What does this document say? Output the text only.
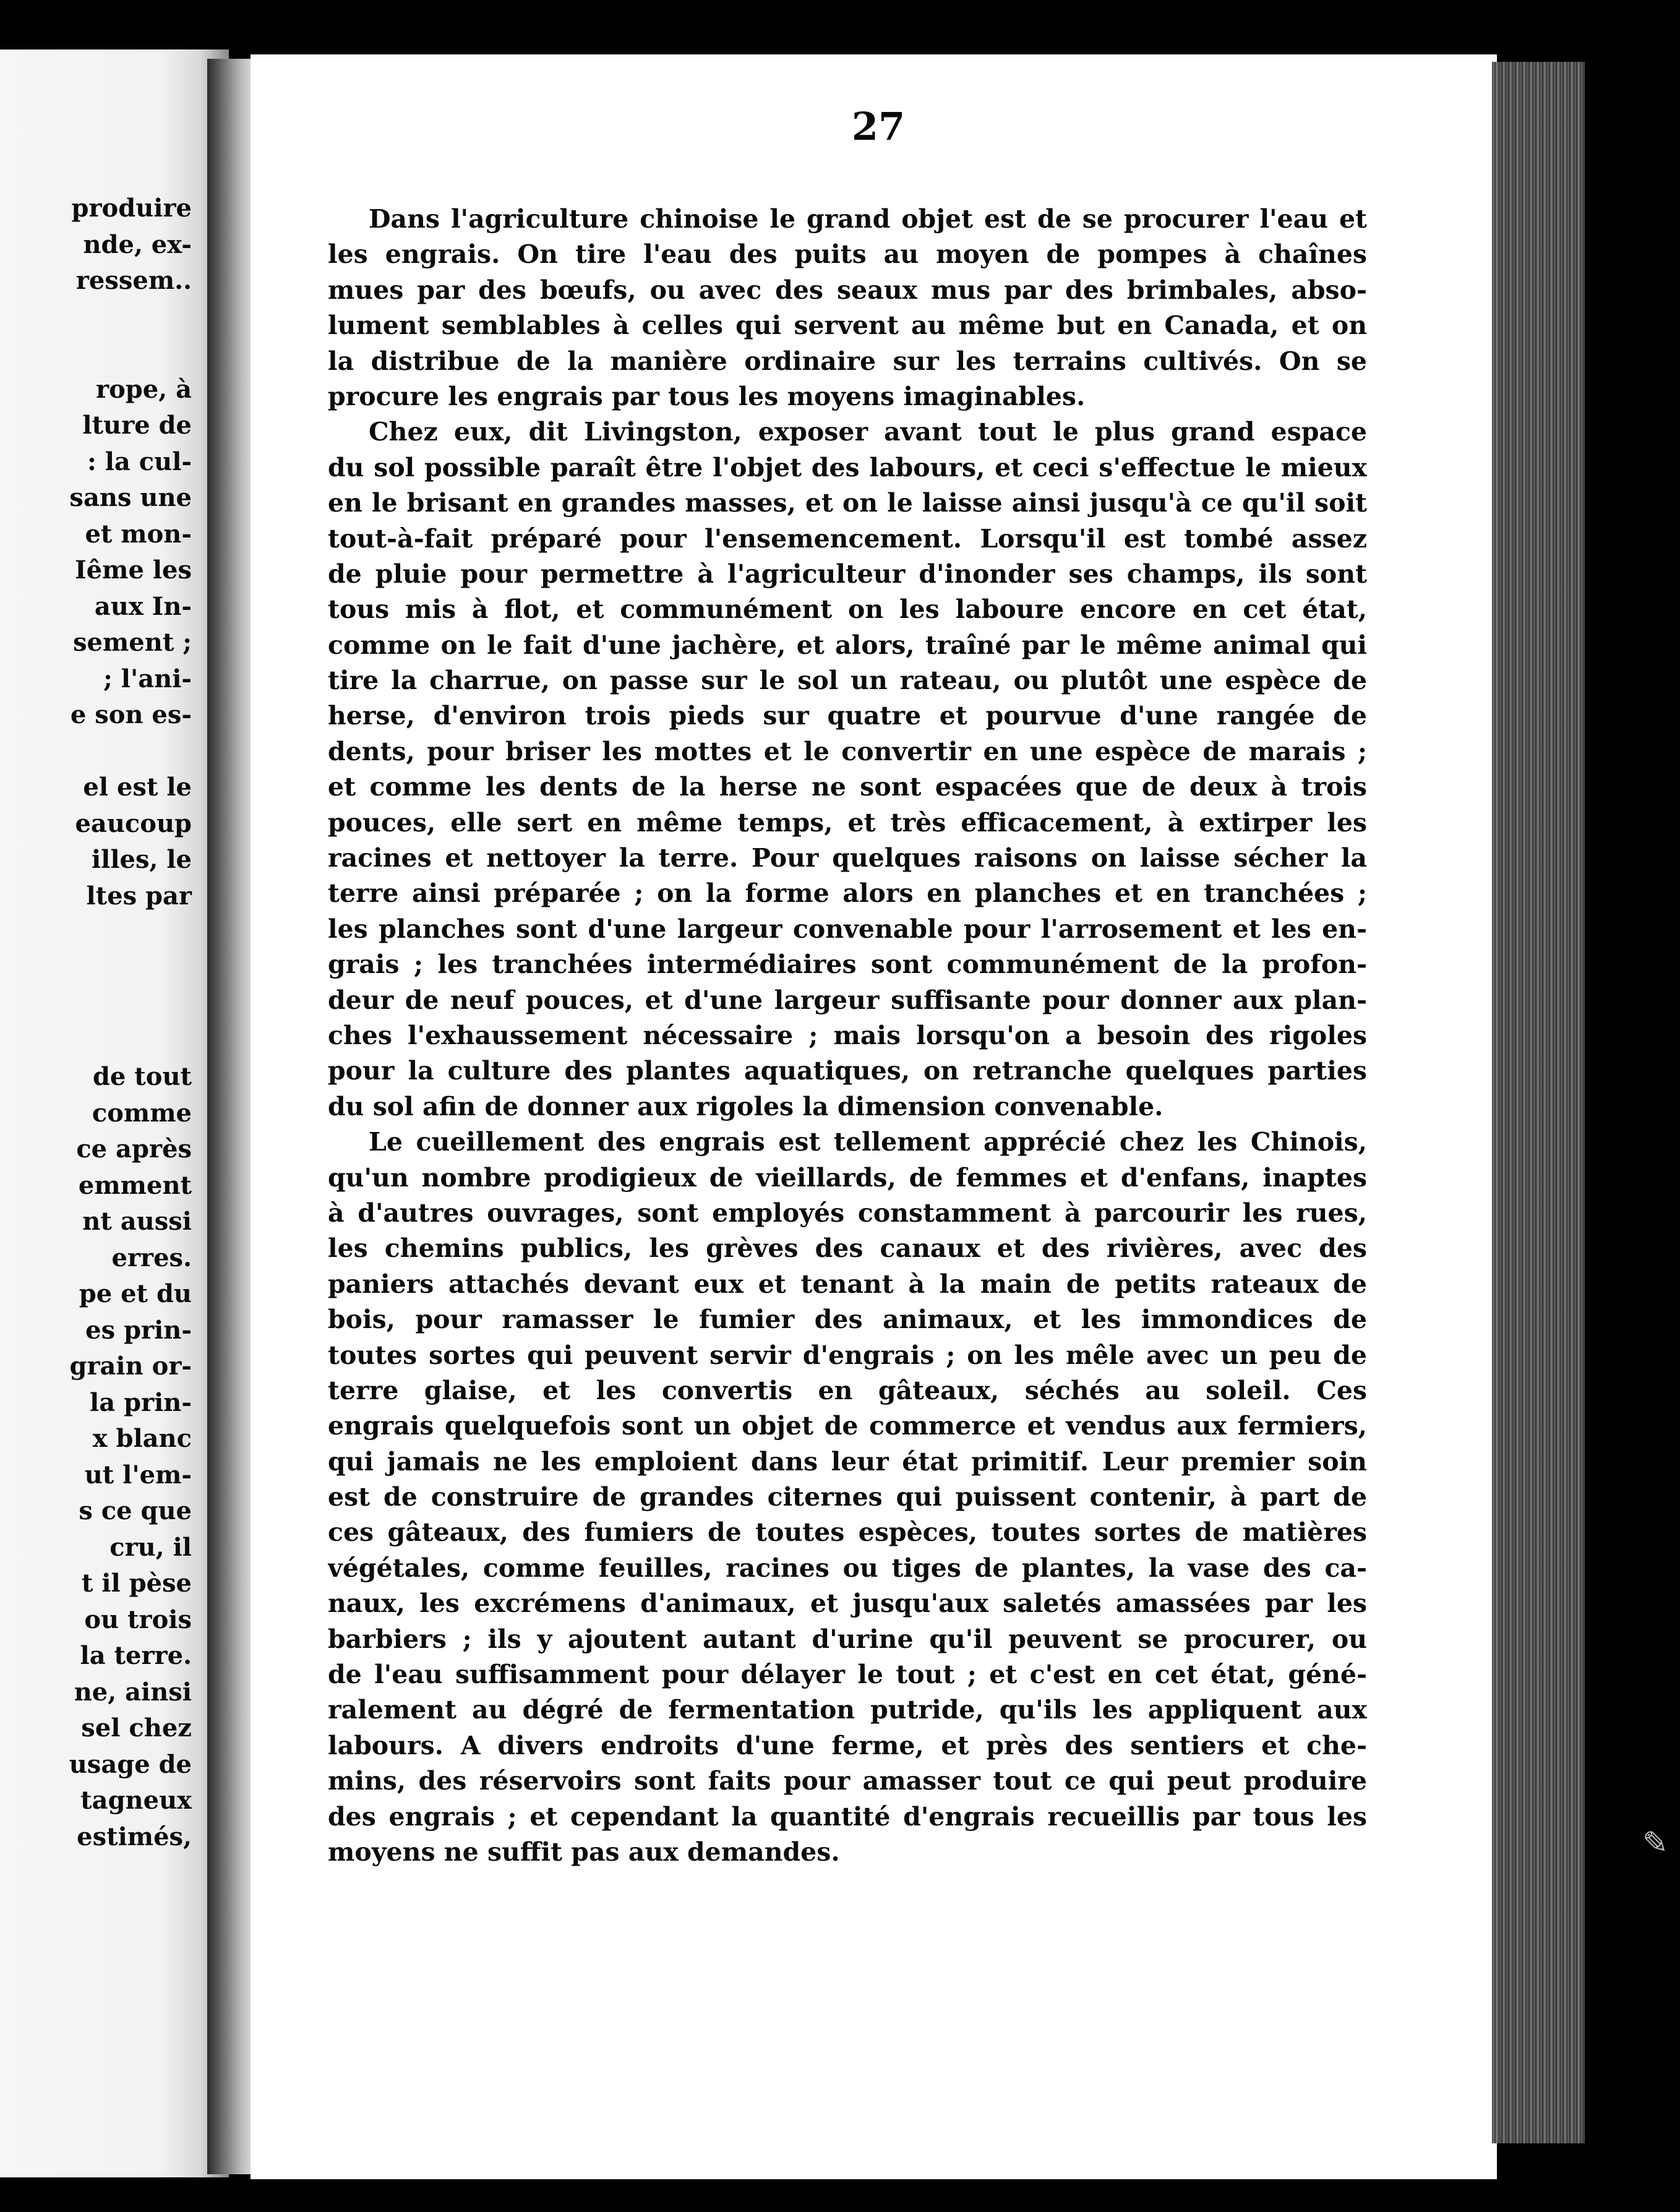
produire
nde, ex-
ressem..
rope, à
lture de
: la cul-
sans une
et mon-
Iême les
aux In-
sement ;
; l'ani-
e son es-
el est le
eaucoup
illes, le
ltes par
de tout
comme
ce après
emment
nt aussi
erres.
pe et du
es prin-
grain or-
la prin-
x blanc
ut l'em-
s ce que
cru, il
t il pèse
ou trois
la terre.
ne, ainsi
sel chez
usage de
tagneux
estimés,
27
Dans l'agriculture chinoise le grand objet est de se procurer l'eau et
les engrais. On tire l'eau des puits au moyen de pompes à chaînes
mues par des bœufs, ou avec des seaux mus par des brimbales, abso-
lument semblables à celles qui servent au même but en Canada, et on
la distribue de la manière ordinaire sur les terrains cultivés. On se
procure les engrais par tous les moyens imaginables.
Chez eux, dit Livingston, exposer avant tout le plus grand espace
du sol possible paraît être l'objet des labours, et ceci s'effectue le mieux
en le brisant en grandes masses, et on le laisse ainsi jusqu'à ce qu'il soit
tout-à-fait préparé pour l'ensemencement. Lorsqu'il est tombé assez
de pluie pour permettre à l'agriculteur d'inonder ses champs, ils sont
tous mis à flot, et communément on les laboure encore en cet état,
comme on le fait d'une jachère, et alors, traîné par le même animal qui
tire la charrue, on passe sur le sol un rateau, ou plutôt une espèce de
herse, d'environ trois pieds sur quatre et pourvue d'une rangée de
dents, pour briser les mottes et le convertir en une espèce de marais ;
et comme les dents de la herse ne sont espacées que de deux à trois
pouces, elle sert en même temps, et très efficacement, à extirper les
racines et nettoyer la terre. Pour quelques raisons on laisse sécher la
terre ainsi préparée ; on la forme alors en planches et en tranchées ;
les planches sont d'une largeur convenable pour l'arrosement et les en-
grais ; les tranchées intermédiaires sont communément de la profon-
deur de neuf pouces, et d'une largeur suffisante pour donner aux plan-
ches l'exhaussement nécessaire ; mais lorsqu'on a besoin des rigoles
pour la culture des plantes aquatiques, on retranche quelques parties
du sol afin de donner aux rigoles la dimension convenable.
Le cueillement des engrais est tellement apprécié chez les Chinois,
qu'un nombre prodigieux de vieillards, de femmes et d'enfans, inaptes
à d'autres ouvrages, sont employés constamment à parcourir les rues,
les chemins publics, les grèves des canaux et des rivières, avec des
paniers attachés devant eux et tenant à la main de petits rateaux de
bois, pour ramasser le fumier des animaux, et les immondices de
toutes sortes qui peuvent servir d'engrais ; on les mêle avec un peu de
terre glaise, et les convertis en gâteaux, séchés au soleil. Ces
engrais quelquefois sont un objet de commerce et vendus aux fermiers,
qui jamais ne les emploient dans leur état primitif. Leur premier soin
est de construire de grandes citernes qui puissent contenir, à part de
ces gâteaux, des fumiers de toutes espèces, toutes sortes de matières
végétales, comme feuilles, racines ou tiges de plantes, la vase des ca-
naux, les excrémens d'animaux, et jusqu'aux saletés amassées par les
barbiers ; ils y ajoutent autant d'urine qu'il peuvent se procurer, ou
de l'eau suffisamment pour délayer le tout ; et c'est en cet état, géné-
ralement au dégré de fermentation putride, qu'ils les appliquent aux
labours. A divers endroits d'une ferme, et près des sentiers et che-
mins, des réservoirs sont faits pour amasser tout ce qui peut produire
des engrais ; et cependant la quantité d'engrais recueillis par tous les
moyens ne suffit pas aux demandes.	✎
